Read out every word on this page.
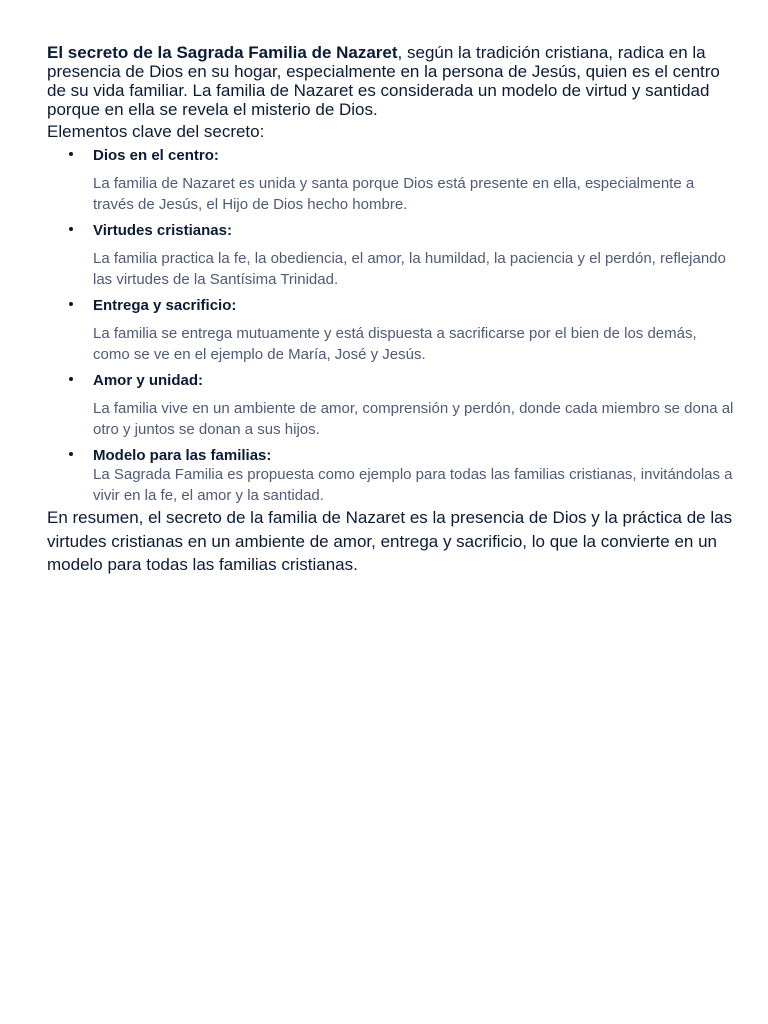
El secreto de la Sagrada Familia de Nazaret, según la tradición cristiana, radica en la presencia de Dios en su hogar, especialmente en la persona de Jesús, quien es el centro de su vida familiar. La familia de Nazaret es considerada un modelo de virtud y santidad porque en ella se revela el misterio de Dios.

Elementos clave del secreto:

Dios en el centro:
La familia de Nazaret es unida y santa porque Dios está presente en ella, especialmente a través de Jesús, el Hijo de Dios hecho hombre.
Virtudes cristianas:
La familia practica la fe, la obediencia, el amor, la humildad, la paciencia y el perdón, reflejando las virtudes de la Santísima Trinidad.
Entrega y sacrificio:
La familia se entrega mutuamente y está dispuesta a sacrificarse por el bien de los demás, como se ve en el ejemplo de María, José y Jesús.
Amor y unidad:
La familia vive en un ambiente de amor, comprensión y perdón, donde cada miembro se dona al otro y juntos se donan a sus hijos.
Modelo para las familias:
La Sagrada Familia es propuesta como ejemplo para todas las familias cristianas, invitándolas a vivir en la fe, el amor y la santidad.

En resumen, el secreto de la familia de Nazaret es la presencia de Dios y la práctica de las virtudes cristianas en un ambiente de amor, entrega y sacrificio, lo que la convierte en un modelo para todas las familias cristianas.
